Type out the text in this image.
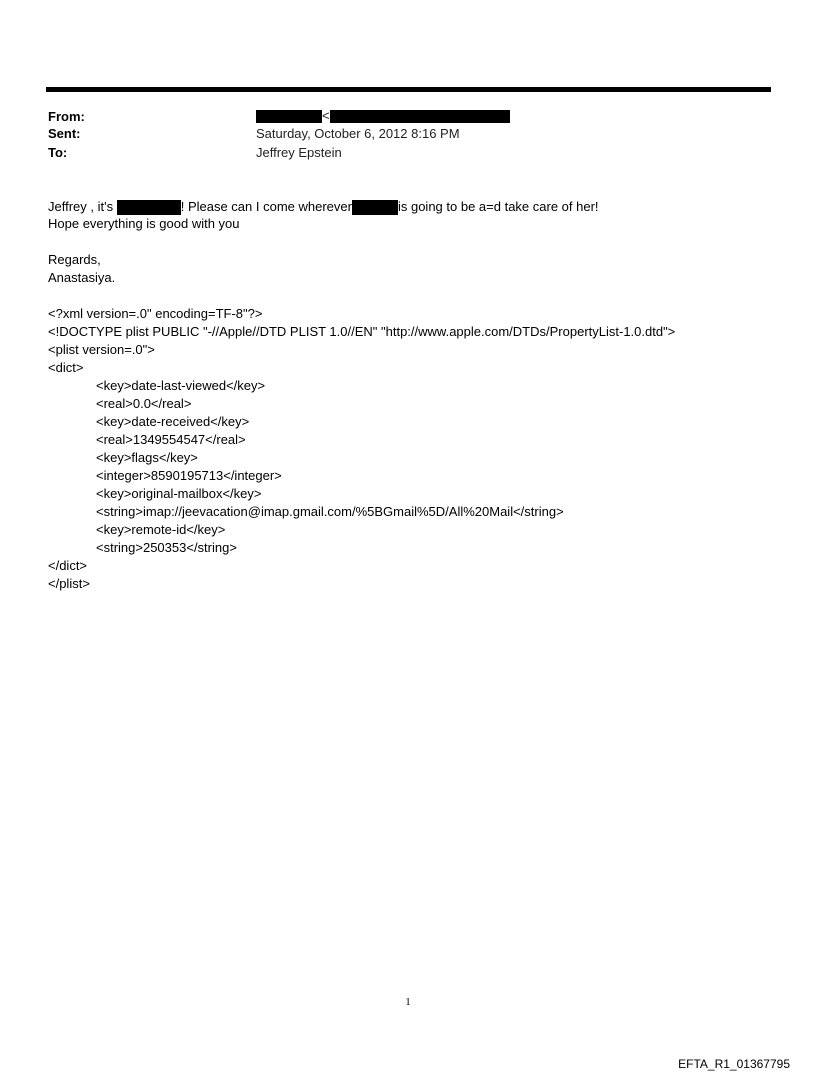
From:	<
Sent:	Saturday, October 6, 2012 8:16 PM
To:	Jeffrey Epstein
Jeffrey , it's	! Please can I come wherever	is going to be a=d take care of her!
Hope everything is good with you
Regards,
Anastasiya.
<?xml version=.0" encoding=TF-8"?>
<!DOCTYPE plist PUBLIC "-//Apple//DTD PLIST 1.0//EN" "http://www.apple.com/DTDs/PropertyList-1.0.dtd">
<plist version=.0">
<dict>
<key>date-last-viewed</key>
<real>0.0</real>
<key>date-received</key>
<real>1349554547</real>
<key>flags</key>
<integer>8590195713</integer>
<key>original-mailbox</key>
<string>imap://jeevacation@imap.gmail.com/%5BGmail%5D/All%20Mail</string>
<key>remote-id</key>
<string>250353</string>
</dict>
</plist>
1
EFTA_R1_01367795
